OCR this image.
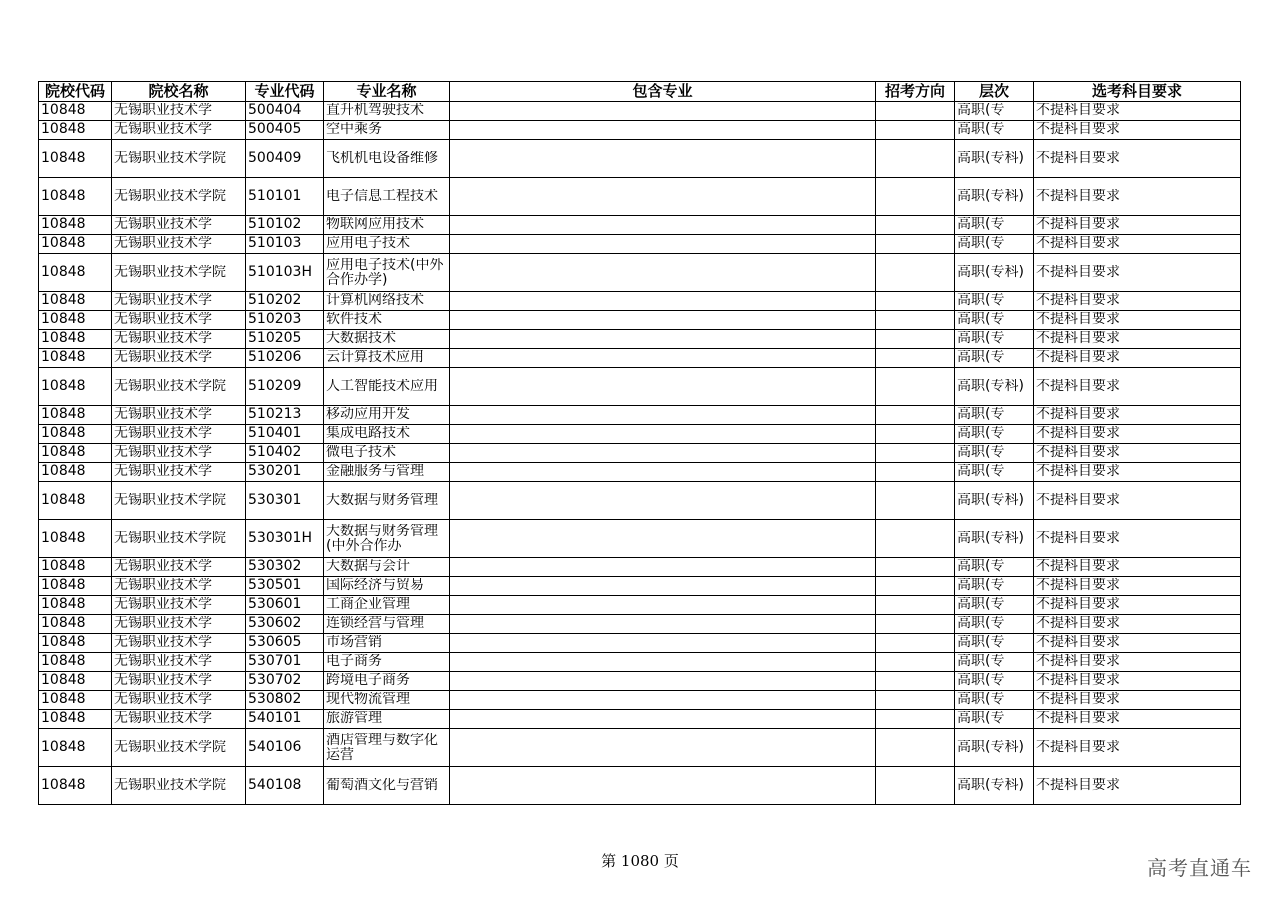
院校代码	院校名称	专业代码	专业名称	包含专业	招考方向	层次	选考科目要求

10848	无锡职业技术学	500404	直升机驾驶技术			高职(专	不提科目要求

10848	无锡职业技术学	500405	空中乘务			高职(专	不提科目要求

10848	无锡职业技术学院	500409	飞机机电设备维修			高职(专科)	不提科目要求

10848	无锡职业技术学院	510101	电子信息工程技术			高职(专科)	不提科目要求

10848	无锡职业技术学	510102	物联网应用技术			高职(专	不提科目要求

10848	无锡职业技术学	510103	应用电子技术			高职(专	不提科目要求

10848	无锡职业技术学院	510103H	应用电子技术(中外合作办学)			高职(专科)	不提科目要求

10848	无锡职业技术学	510202	计算机网络技术			高职(专	不提科目要求

10848	无锡职业技术学	510203	软件技术			高职(专	不提科目要求

10848	无锡职业技术学	510205	大数据技术			高职(专	不提科目要求

10848	无锡职业技术学	510206	云计算技术应用			高职(专	不提科目要求

10848	无锡职业技术学院	510209	人工智能技术应用			高职(专科)	不提科目要求

10848	无锡职业技术学	510213	移动应用开发			高职(专	不提科目要求

10848	无锡职业技术学	510401	集成电路技术			高职(专	不提科目要求

10848	无锡职业技术学	510402	微电子技术			高职(专	不提科目要求

10848	无锡职业技术学	530201	金融服务与管理			高职(专	不提科目要求

10848	无锡职业技术学院	530301	大数据与财务管理			高职(专科)	不提科目要求

10848	无锡职业技术学院	530301H	大数据与财务管理(中外合作办			高职(专科)	不提科目要求

10848	无锡职业技术学	530302	大数据与会计			高职(专	不提科目要求

10848	无锡职业技术学	530501	国际经济与贸易			高职(专	不提科目要求

10848	无锡职业技术学	530601	工商企业管理			高职(专	不提科目要求

10848	无锡职业技术学	530602	连锁经营与管理			高职(专	不提科目要求

10848	无锡职业技术学	530605	市场营销			高职(专	不提科目要求

10848	无锡职业技术学	530701	电子商务			高职(专	不提科目要求

10848	无锡职业技术学	530702	跨境电子商务			高职(专	不提科目要求

10848	无锡职业技术学	530802	现代物流管理			高职(专	不提科目要求

10848	无锡职业技术学	540101	旅游管理			高职(专	不提科目要求

10848	无锡职业技术学院	540106	酒店管理与数字化运营			高职(专科)	不提科目要求

10848	无锡职业技术学院	540108	葡萄酒文化与营销			高职(专科)	不提科目要求
第 1080 页	高考直通车
